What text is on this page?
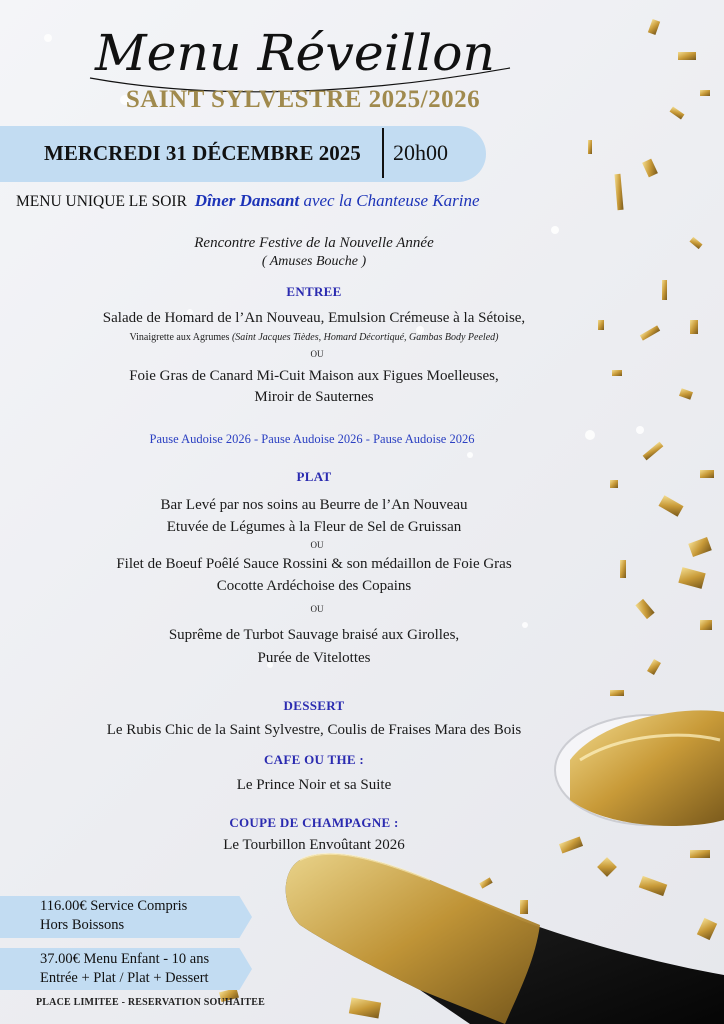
Menu Réveillon
SAINT SYLVESTRE 2025/2026
MERCREDI 31 DÉCEMBRE 2025 20h00
MENU UNIQUE LE SOIR Dîner Dansant avec la Chanteuse Karine
Rencontre Festive de la Nouvelle Année
( Amuses Bouche )
ENTREE
Salade de Homard de l’An Nouveau, Emulsion Crémeuse à la Sétoise,
Vinaigrette aux Agrumes (Saint Jacques Tièdes, Homard Décortiqué, Gambas Body Peeled)
OU
Foie Gras de Canard Mi-Cuit Maison aux Figues Moelleuses,
Miroir de Sauternes
Pause Audoise 2026 - Pause Audoise 2026 - Pause Audoise 2026
PLAT
Bar Levé par nos soins au Beurre de l’An Nouveau
Etuvée de Légumes à la Fleur de Sel de Gruissan
OU
Filet de Boeuf Poêlé Sauce Rossini & son médaillon de Foie Gras
Cocotte Ardéchoise des Copains
OU
Suprême de Turbot Sauvage braisé aux Girolles,
Purée de Vitelottes
DESSERT
Le Rubis Chic de la Saint Sylvestre, Coulis de Fraises Mara des Bois
CAFE OU THE :
Le Prince Noir et sa Suite
COUPE DE CHAMPAGNE :
Le Tourbillon Envoûtant 2026
116.00€ Service Compris
Hors Boissons
37.00€ Menu Enfant - 10 ans
Entrée + Plat / Plat + Dessert
PLACE LIMITEE - RESERVATION SOUHAITEE
